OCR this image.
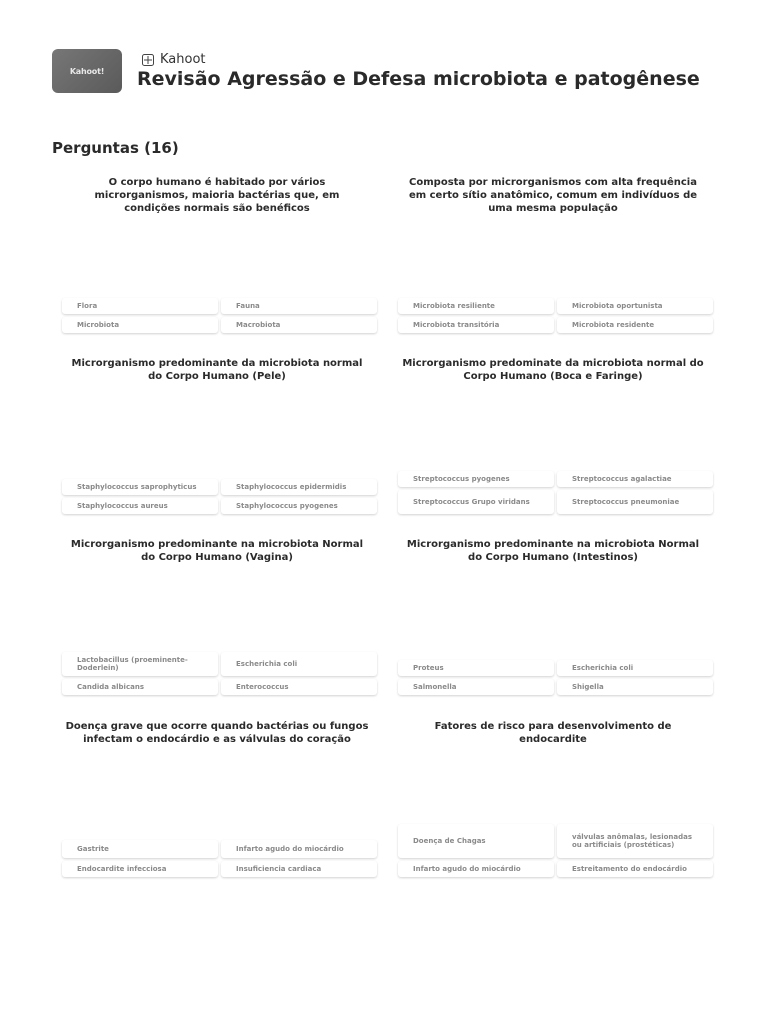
Kahoot!
Kahoot
Revisão Agressão e Defesa microbiota e patogênese
Perguntas (16)
O corpo humano é habitado por vários microrganismos, maioria bactérias que, em condições normais são benéficos
Flora	Fauna
Microbiota	Macrobiota
Composta por microrganismos com alta frequência em certo sítio anatômico, comum em indivíduos de uma mesma população
Microbiota resiliente	Microbiota oportunista
Microbiota transitória	Microbiota residente
Microrganismo predominante da microbiota normal do Corpo Humano (Pele)
Staphylococcus saprophyticus	Staphylococcus epidermidis
Staphylococcus aureus	Staphylococcus pyogenes
Microrganismo predominate da microbiota normal do Corpo Humano (Boca e Faringe)
Streptococcus pyogenes	Streptococcus agalactiae
Streptococcus Grupo viridans	Streptococcus pneumoniae
Microrganismo predominante na microbiota Normal do Corpo Humano (Vagina)
Lactobacillus (proeminente-Doderlein)	Escherichia coli
Candida albicans	Enterococcus
Microrganismo predominante na microbiota Normal do Corpo Humano (Intestinos)
Proteus	Escherichia coli
Salmonella	Shigella
Doença grave que ocorre quando bactérias ou fungos infectam o endocárdio e as válvulas do coração
Gastrite	Infarto agudo do miocárdio
Endocardite infecciosa	Insuficiencia cardiaca
Fatores de risco para desenvolvimento de endocardite
Doença de Chagas	válvulas anômalas, lesionadas ou artificiais (prostéticas)
Infarto agudo do miocárdio	Estreitamento do endocárdio
